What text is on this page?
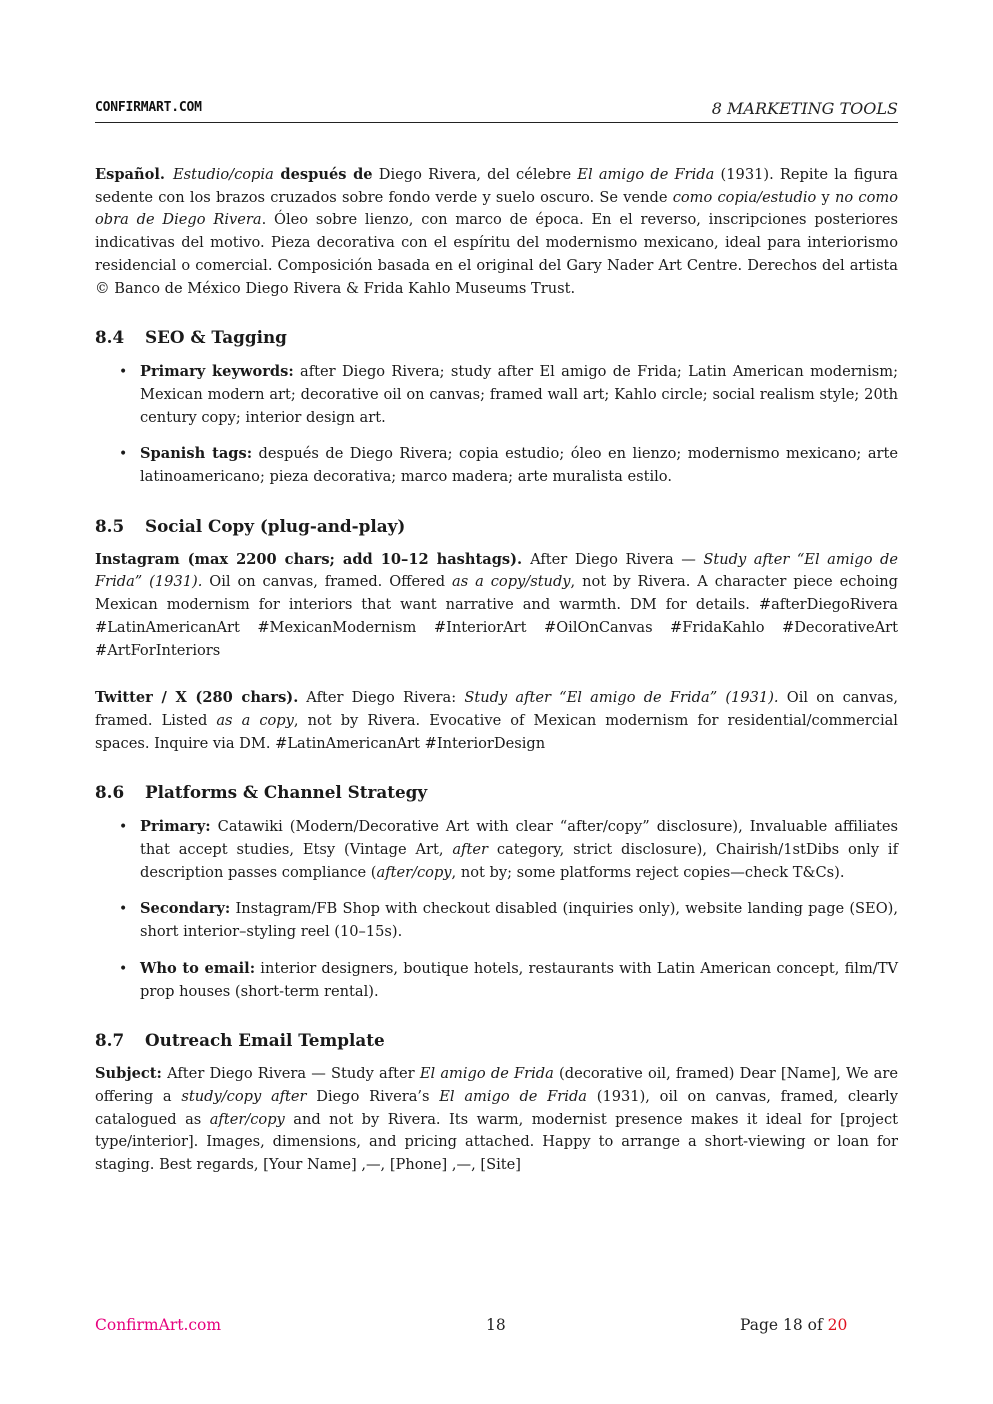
CONFIRMART.COM	8 MARKETING TOOLS

Español. Estudio/copia después de Diego Rivera, del célebre El amigo de Frida (1931). Repite la figura sedente con los brazos cruzados sobre fondo verde y suelo oscuro. Se vende como copia/estudio y no como obra de Diego Rivera. Óleo sobre lienzo, con marco de época. En el reverso, inscripciones posteriores indicativas del motivo. Pieza decorativa con el espíritu del modernismo mexicano, ideal para interiorismo residencial o comercial. Composición basada en el original del Gary Nader Art Centre. Derechos del artista © Banco de México Diego Rivera & Frida Kahlo Museums Trust.

8.4 SEO & Tagging
• Primary keywords: after Diego Rivera; study after El amigo de Frida; Latin American modernism; Mexican modern art; decorative oil on canvas; framed wall art; Kahlo circle; social realism style; 20th century copy; interior design art.
• Spanish tags: después de Diego Rivera; copia estudio; óleo en lienzo; modernismo mexicano; arte latinoamericano; pieza decorativa; marco madera; arte muralista estilo.
8.5 Social Copy (plug-and-play)

Instagram (max 2200 chars; add 10–12 hashtags). After Diego Rivera — Study after “El amigo de Frida” (1931). Oil on canvas, framed. Offered as a copy/study, not by Rivera. A character piece echoing Mexican modernism for interiors that want narrative and warmth. DM for details. #afterDiegoRivera #LatinAmericanArt #MexicanModernism #InteriorArt #OilOnCanvas #FridaKahlo #DecorativeArt #ArtForInteriors

Twitter / X (280 chars). After Diego Rivera: Study after “El amigo de Frida” (1931). Oil on canvas, framed. Listed as a copy, not by Rivera. Evocative of Mexican modernism for residential/commercial spaces. Inquire via DM. #LatinAmericanArt #InteriorDesign

8.6 Platforms & Channel Strategy
• Primary: Catawiki (Modern/Decorative Art with clear “after/copy” disclosure), Invaluable affiliates that accept studies, Etsy (Vintage Art, after category, strict disclosure), Chairish/1stDibs only if description passes compliance (after/copy, not by; some platforms reject copies—check T&Cs).
• Secondary: Instagram/FB Shop with checkout disabled (inquiries only), website landing page (SEO), short interior–styling reel (10–15s).
• Who to email: interior designers, boutique hotels, restaurants with Latin American concept, film/TV prop houses (short-term rental).
8.7 Outreach Email Template

Subject: After Diego Rivera — Study after El amigo de Frida (decorative oil, framed) Dear [Name], We are offering a study/copy after Diego Rivera’s El amigo de Frida (1931), oil on canvas, framed, clearly catalogued as after/copy and not by Rivera. Its warm, modernist presence makes it ideal for [project type/interior]. Images, dimensions, and pricing attached. Happy to arrange a short-viewing or loan for staging. Best regards, [Your Name] ,—, [Phone] ,—, [Site]

ConfirmArt.com	18	Page 18 of 20
